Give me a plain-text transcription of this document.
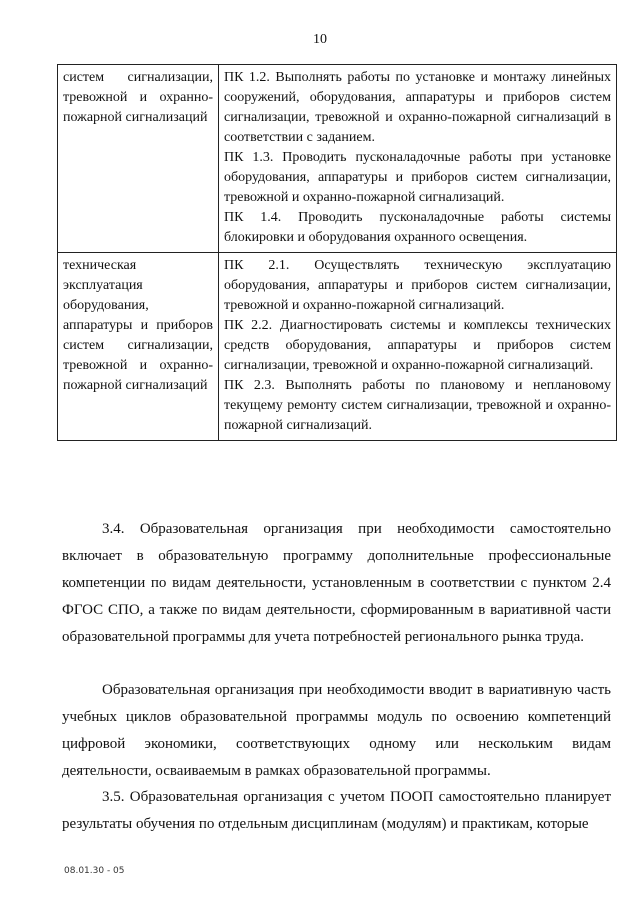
10
систем сигнализации, тревожной и охранно-пожарной сигнализаций	ПК 1.2. Выполнять работы по установке и монтажу линейных сооружений, оборудования, аппаратуры и приборов систем сигнализации, тревожной и охранно-пожарной сигнализаций в соответствии с заданием.
ПК 1.3. Проводить пусконаладочные работы при установке оборудования, аппаратуры и приборов систем сигнализации, тревожной и охранно-пожарной сигнализаций.
ПК 1.4. Проводить пусконаладочные работы системы блокировки и оборудования охранного освещения.

техническая эксплуатация оборудования, аппаратуры и приборов систем сигнализации, тревожной и охранно-пожарной сигнализаций	ПК 2.1. Осуществлять техническую эксплуатацию оборудования, аппаратуры и приборов систем сигнализации, тревожной и охранно-пожарной сигнализаций.
ПК 2.2. Диагностировать системы и комплексы технических средств оборудования, аппаратуры и приборов систем сигнализации, тревожной и охранно-пожарной сигнализаций.
ПК 2.3. Выполнять работы по плановому и неплановому текущему ремонту систем сигнализации, тревожной и охранно-пожарной сигнализаций.

3.4. Образовательная организация при необходимости самостоятельно включает в образовательную программу дополнительные профессиональные компетенции по видам деятельности, установленным в соответствии с пунктом 2.4 ФГОС СПО, а также по видам деятельности, сформированным в вариативной части образовательной программы для учета потребностей регионального рынка труда.

Образовательная организация при необходимости вводит в вариативную часть учебных циклов образовательной программы модуль по освоению компетенций цифровой экономики, соответствующих одному или нескольким видам деятельности, осваиваемым в рамках образовательной программы.

3.5. Образовательная организация с учетом ПООП самостоятельно планирует результаты обучения по отдельным дисциплинам (модулям) и практикам, которые

08.01.30 - 05
